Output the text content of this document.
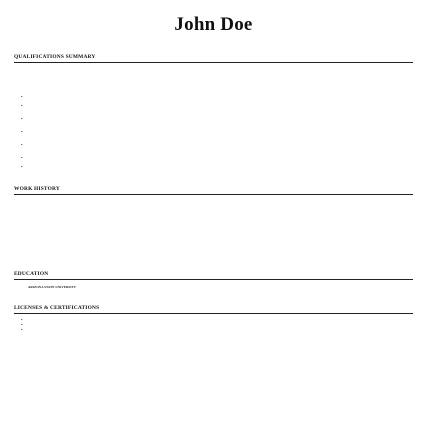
John Doe
QUALIFICATIONS SUMMARY
•
•
•
•
•
•
•
WORK HISTORY
EDUCATION
ARIZONA STATE UNIVERSITY
LICENSES & CERTIFICATIONS
•
•
•
